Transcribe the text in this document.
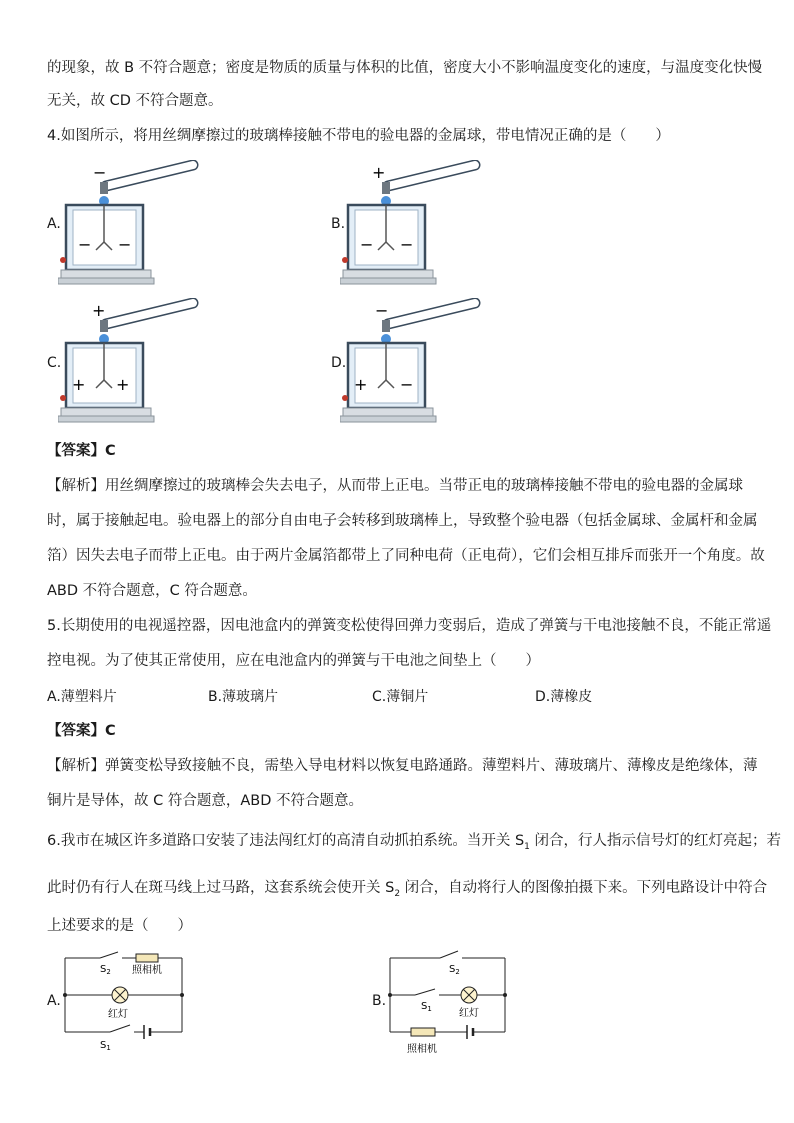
的现象，故 B 不符合题意；密度是物质的质量与体积的比值，密度大小不影响温度变化的速度，与温度变化快慢
无关，故 CD 不符合题意。
4.如图所示，将用丝绸摩擦过的玻璃棒接触不带电的验电器的金属球，带电情况正确的是（　　）
A.	B.
C.	D.
−
− −
+
− −
+
+ +
−
+ −
【答案】C
【解析】用丝绸摩擦过的玻璃棒会失去电子，从而带上正电。当带正电的玻璃棒接触不带电的验电器的金属球
时，属于接触起电。验电器上的部分自由电子会转移到玻璃棒上，导致整个验电器（包括金属球、金属杆和金属
箔）因失去电子而带上正电。由于两片金属箔都带上了同种电荷（正电荷），它们会相互排斥而张开一个角度。故
ABD 不符合题意，C 符合题意。
5.长期使用的电视遥控器，因电池盒内的弹簧变松使得回弹力变弱后，造成了弹簧与干电池接触不良，不能正常遥
控电视。为了使其正常使用，应在电池盒内的弹簧与干电池之间垫上（　　）
A.薄塑料片	B.薄玻璃片	C.薄铜片	D.薄橡皮
【答案】C
【解析】弹簧变松导致接触不良，需垫入导电材料以恢复电路通路。薄塑料片、薄玻璃片、薄橡皮是绝缘体，薄
铜片是导体，故 C 符合题意，ABD 不符合题意。
6.我市在城区许多道路口安装了违法闯红灯的高清自动抓拍系统。当开关 $S_1$ 闭合，行人指示信号灯的红灯亮起；若
此时仍有行人在斑马线上过马路，这套系统会使开关 $S_2$ 闭合，自动将行人的图像拍摄下来。下列电路设计中符合
上述要求的是（　　）
A.
$S_2$ 照相机
红灯
$S_1$
B.
$S_2$
$S_1$	红灯
照相机
